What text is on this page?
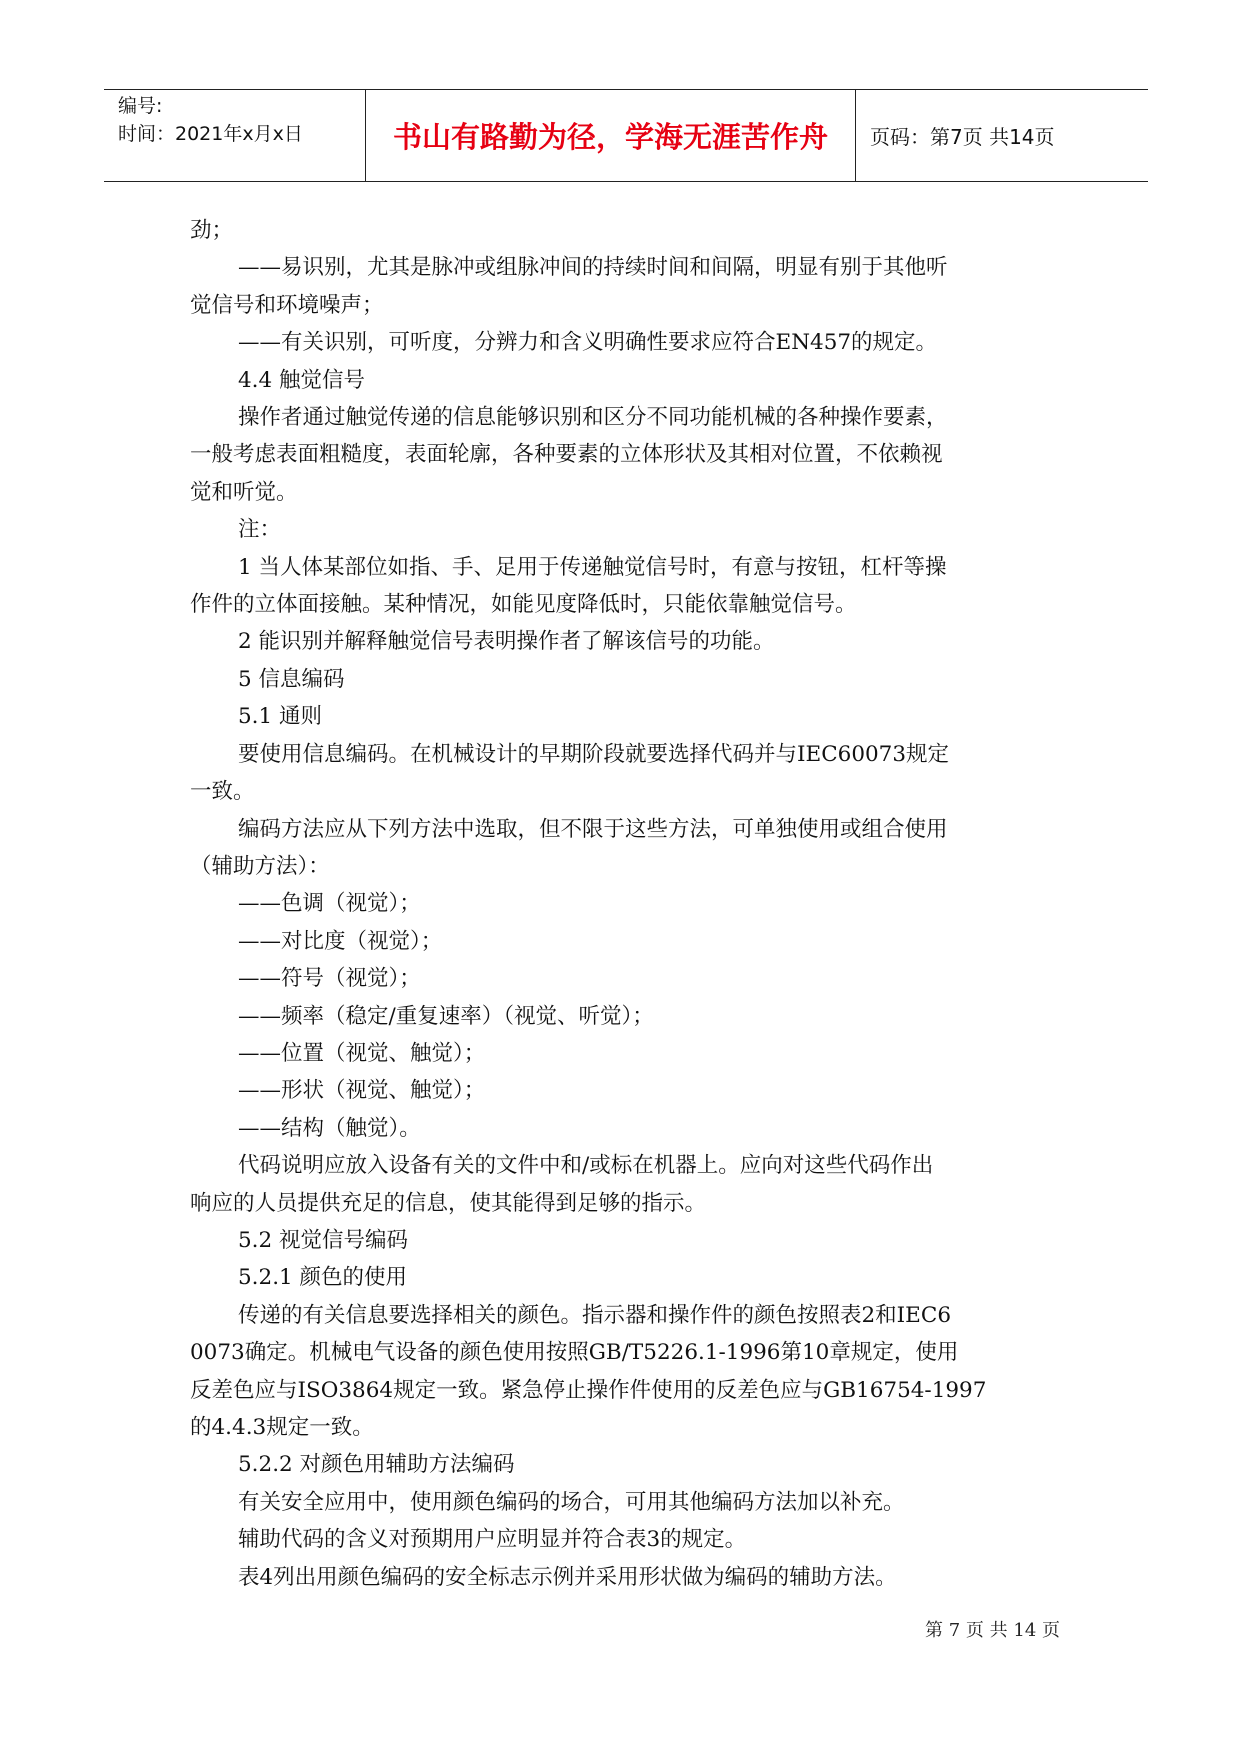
编号:
时间：2021年x月x日	书山有路勤为径，学海无涯苦作舟	页码：第7页 共14页

劲；

——易识别，尤其是脉冲或组脉冲间的持续时间和间隔，明显有别于其他听

觉信号和环境噪声；

——有关识别，可听度，分辨力和含义明确性要求应符合EN457的规定。

4.4 触觉信号

操作者通过触觉传递的信息能够识别和区分不同功能机械的各种操作要素，

一般考虑表面粗糙度，表面轮廓，各种要素的立体形状及其相对位置，不依赖视

觉和听觉。

注：

1 当人体某部位如指、手、足用于传递触觉信号时，有意与按钮，杠杆等操

作件的立体面接触。某种情况，如能见度降低时，只能依靠触觉信号。

2 能识别并解释触觉信号表明操作者了解该信号的功能。

5 信息编码

5.1 通则

要使用信息编码。在机械设计的早期阶段就要选择代码并与IEC60073规定

一致。

编码方法应从下列方法中选取，但不限于这些方法，可单独使用或组合使用

（辅助方法）：

——色调（视觉）；

——对比度（视觉）；

——符号（视觉）；

——频率（稳定/重复速率）（视觉、听觉）；

——位置（视觉、触觉）；

——形状（视觉、触觉）；

——结构（触觉）。

代码说明应放入设备有关的文件中和/或标在机器上。应向对这些代码作出

响应的人员提供充足的信息，使其能得到足够的指示。

5.2 视觉信号编码

5.2.1 颜色的使用

传递的有关信息要选择相关的颜色。指示器和操作件的颜色按照表2和IEC6

0073确定。机械电气设备的颜色使用按照GB/T5226.1-1996第10章规定，使用

反差色应与ISO3864规定一致。紧急停止操作件使用的反差色应与GB16754-1997

的4.4.3规定一致。

5.2.2 对颜色用辅助方法编码

有关安全应用中，使用颜色编码的场合，可用其他编码方法加以补充。

辅助代码的含义对预期用户应明显并符合表3的规定。

表4列出用颜色编码的安全标志示例并采用形状做为编码的辅助方法。

第 7 页 共 14 页
